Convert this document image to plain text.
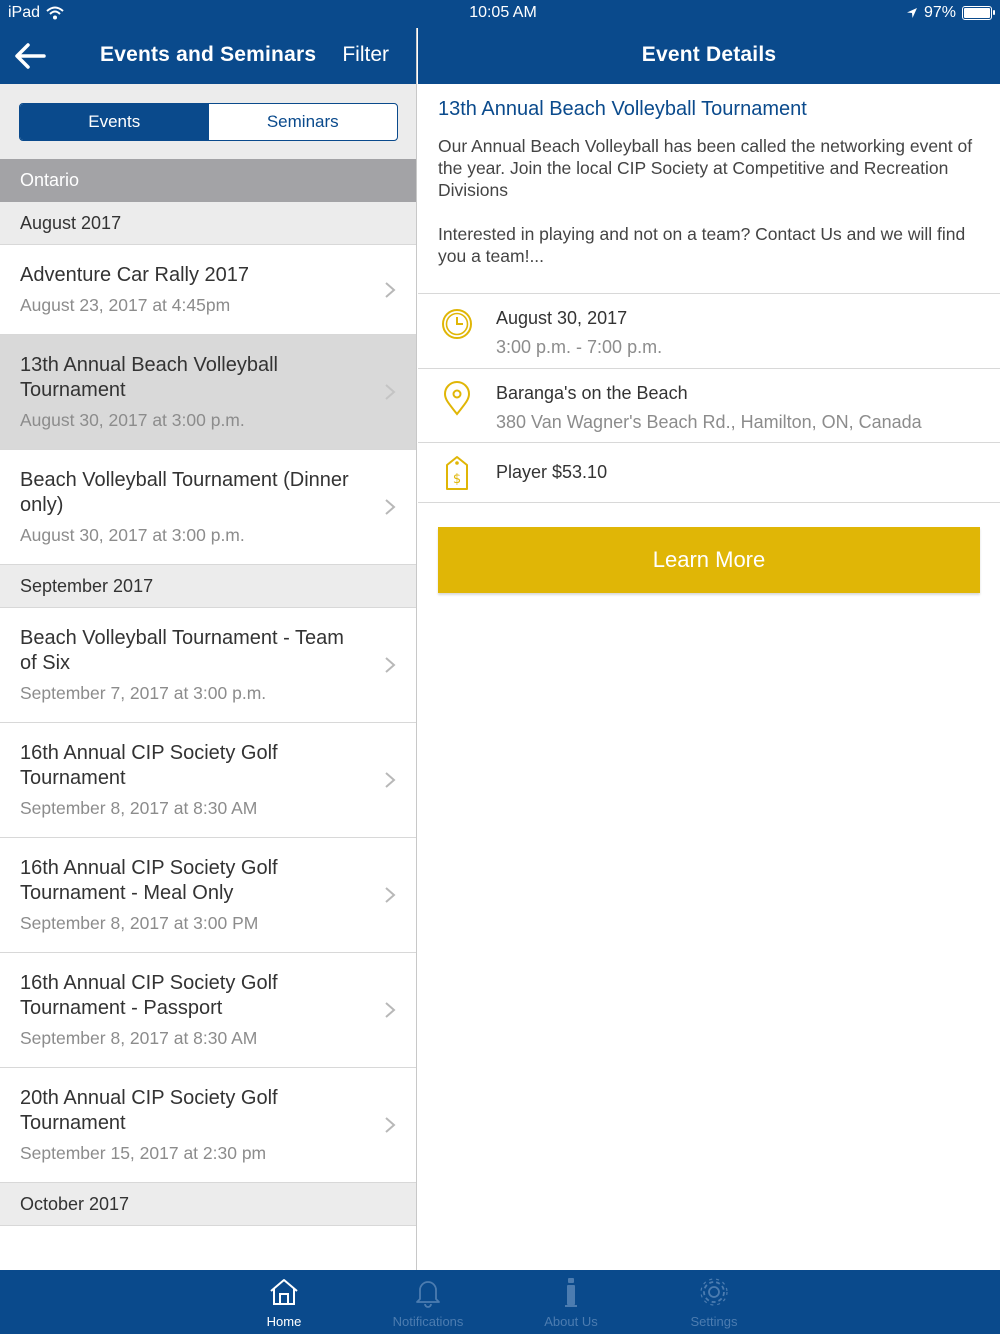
iPad	10:05 AM	97%
Events and Seminars Filter
Events	Seminars
Ontario
August 2017
Adventure Car Rally 2017
August 23, 2017 at 4:45pm
13th Annual Beach Volleyball Tournament
August 30, 2017 at 3:00 p.m.
Beach Volleyball Tournament (Dinner only)
August 30, 2017 at 3:00 p.m.
September 2017
Beach Volleyball Tournament - Team of Six
September 7, 2017 at 3:00 p.m.
16th Annual CIP Society Golf Tournament
September 8, 2017 at 8:30 AM
16th Annual CIP Society Golf Tournament - Meal Only
September 8, 2017 at 3:00 PM
16th Annual CIP Society Golf Tournament - Passport
September 8, 2017 at 8:30 AM
20th Annual CIP Society Golf Tournament
September 15, 2017 at 2:30 pm
October 2017
Event Details
13th Annual Beach Volleyball Tournament
Our Annual Beach Volleyball has been called the networking event of the year. Join the local CIP Society at Competitive and Recreation Divisions

Interested in playing and not on a team? Contact Us and we will find you a team!...
August 30, 2017
3:00 p.m. - 7:00 p.m.
Baranga's on the Beach
380 Van Wagner's Beach Rd., Hamilton, ON, Canada
$ Player $53.10
Learn More
Home	Notifications	About Us	Settings
